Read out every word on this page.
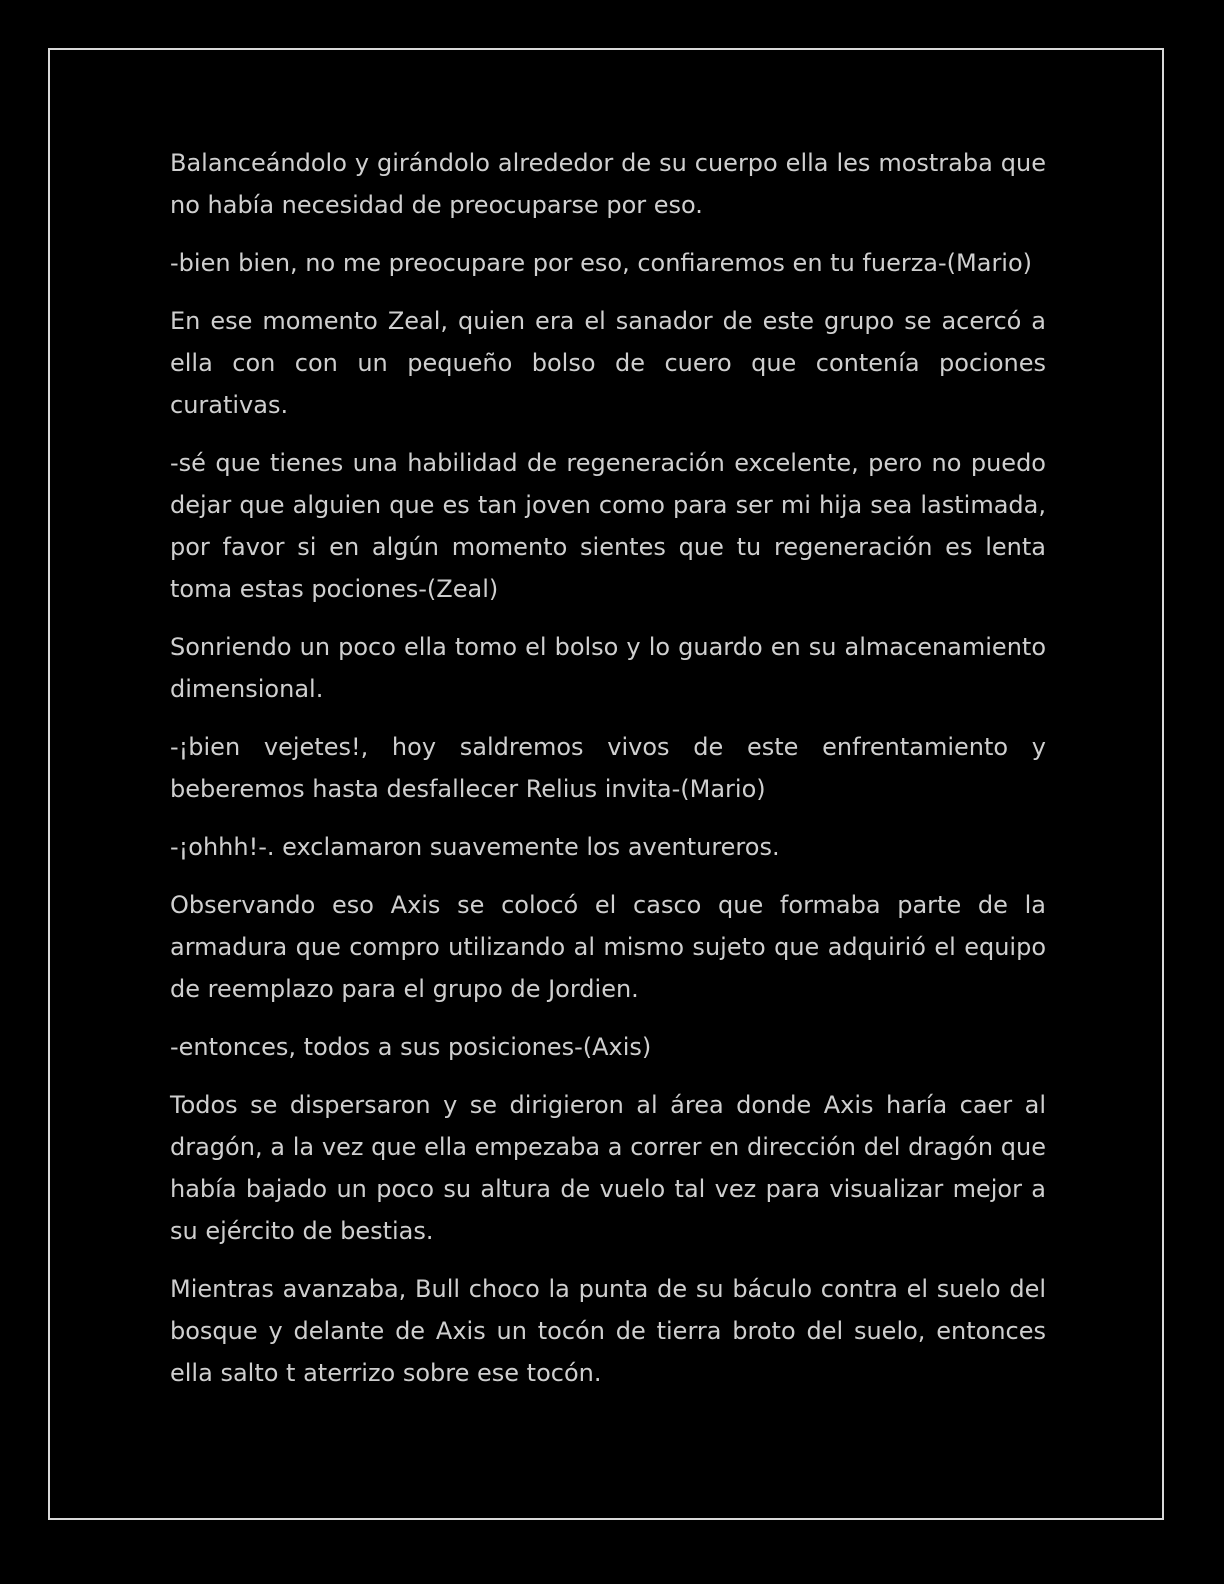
Balanceándolo y girándolo alrededor de su cuerpo ella les mostraba que no había necesidad de preocuparse por eso.

-bien bien, no me preocupare por eso, confiaremos en tu fuerza-(Mario)

En ese momento Zeal, quien era el sanador de este grupo se acercó a ella con con un pequeño bolso de cuero que contenía pociones curativas.

-sé que tienes una habilidad de regeneración excelente, pero no puedo dejar que alguien que es tan joven como para ser mi hija sea lastimada, por favor si en algún momento sientes que tu regeneración es lenta toma estas pociones-(Zeal)

Sonriendo un poco ella tomo el bolso y lo guardo en su almacenamiento dimensional.

-¡bien vejetes!, hoy saldremos vivos de este enfrentamiento y beberemos hasta desfallecer Relius invita-(Mario)

-¡ohhh!-. exclamaron suavemente los aventureros.

Observando eso Axis se colocó el casco que formaba parte de la armadura que compro utilizando al mismo sujeto que adquirió el equipo de reemplazo para el grupo de Jordien.

-entonces, todos a sus posiciones-(Axis)

Todos se dispersaron y se dirigieron al área donde Axis haría caer al dragón, a la vez que ella empezaba a correr en dirección del dragón que había bajado un poco su altura de vuelo tal vez para visualizar mejor a su ejército de bestias.

Mientras avanzaba, Bull choco la punta de su báculo contra el suelo del bosque y delante de Axis un tocón de tierra broto del suelo, entonces ella salto t aterrizo sobre ese tocón.
